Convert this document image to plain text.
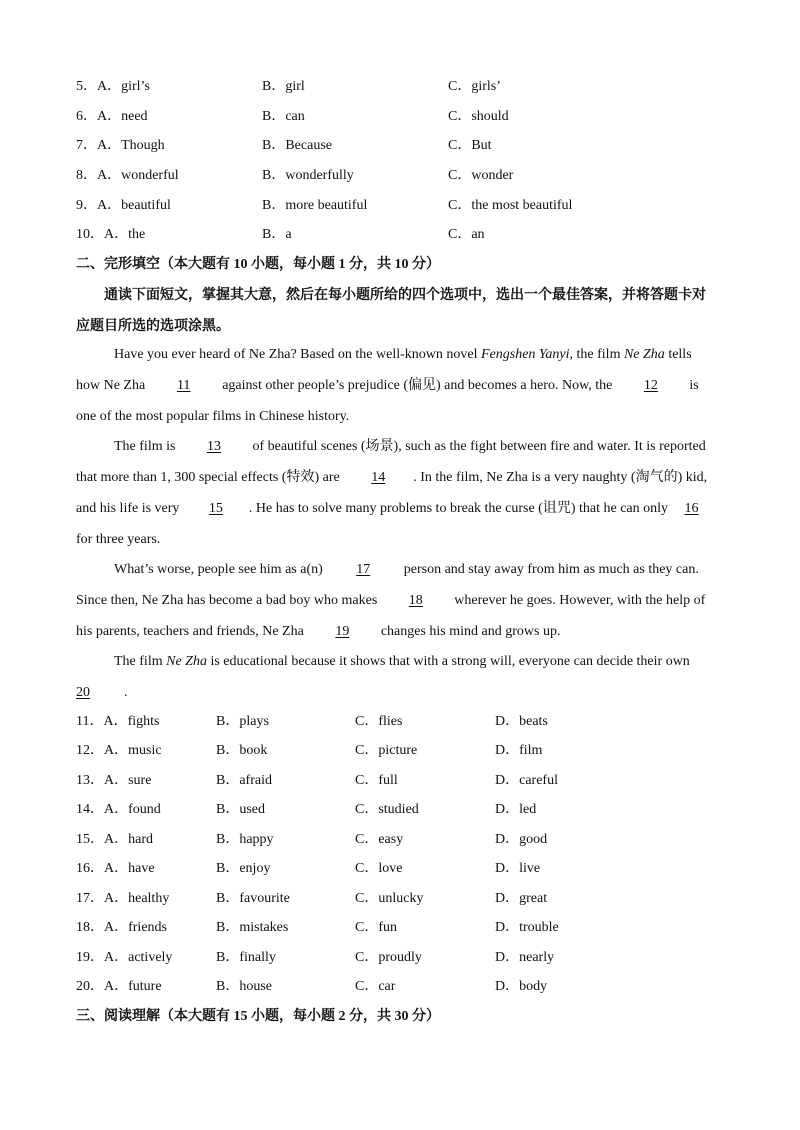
5．A．girl’s	B．girl	C．girls’
6．A．need	B．can	C．should
7．A．Though	B．Because	C．But
8．A．wonderful	B．wonderfully	C．wonder
9．A．beautiful	B．more beautiful	C．the most beautiful
10．A．the	B．a	C．an
二、完形填空（本大题有 10 小题，每小题 1 分，共 10 分）
通读下面短文，掌握其大意，然后在每小题所给的四个选项中，选出一个最佳答案，并将答题卡对
应题目所选的选项涂黑。
Have you ever heard of Ne Zha? Based on the well-known novel Fengshen Yanyi, the film Ne Zha tells
how Ne Zha 11 against other people’s prejudice (偏见) and becomes a hero. Now, the 12 is
one of the most popular films in Chinese history.
The film is 13 of beautiful scenes (场景), such as the fight between fire and water. It is reported
that more than 1, 300 special effects (特效) are 14 . In the film, Ne Zha is a very naughty (淘气的) kid,
and his life is very 15 . He has to solve many problems to break the curse (诅咒) that he can only 16
for three years.
What’s worse, people see him as a(n) 17 person and stay away from him as much as they can.
Since then, Ne Zha has become a bad boy who makes 18 wherever he goes. However, with the help of
his parents, teachers and friends, Ne Zha 19 changes his mind and grows up.
The film Ne Zha is educational because it shows that with a strong will, everyone can decide their own
20 .
11．A．fights	B．plays	C．flies	D．beats
12．A．music	B．book	C．picture	D．film
13．A．sure	B．afraid	C．full	D．careful
14．A．found	B．used	C．studied	D．led
15．A．hard	B．happy	C．easy	D．good
16．A．have	B．enjoy	C．love	D．live
17．A．healthy	B．favourite	C．unlucky	D．great
18．A．friends	B．mistakes	C．fun	D．trouble
19．A．actively	B．finally	C．proudly	D．nearly
20．A．future	B．house	C．car	D．body
三、阅读理解（本大题有 15 小题，每小题 2 分，共 30 分）
